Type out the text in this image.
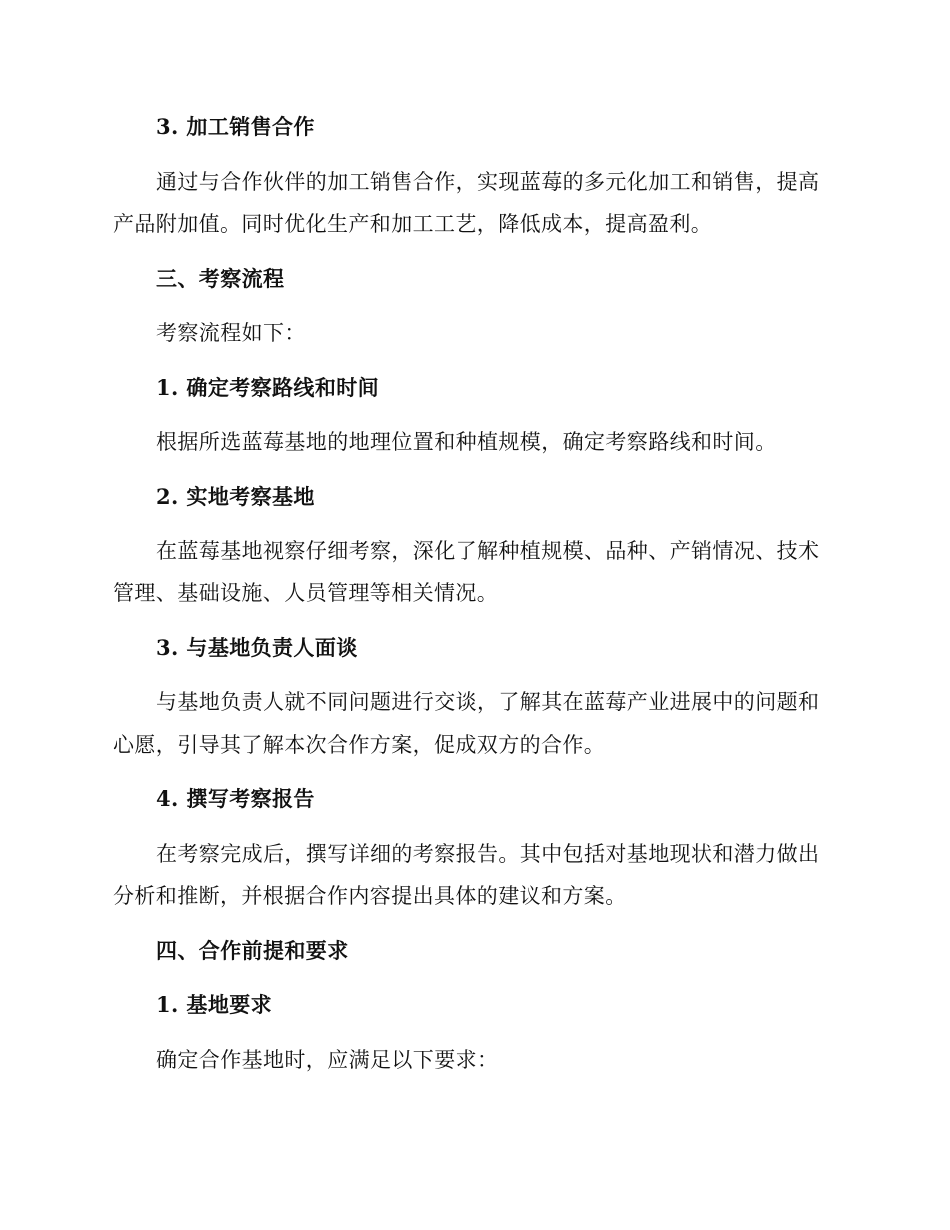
3. 加工销售合作
通过与合作伙伴的加工销售合作，实现蓝莓的多元化加工和销售，提高
产品附加值。同时优化生产和加工工艺，降低成本，提高盈利。
三、考察流程
考察流程如下：
1. 确定考察路线和时间
根据所选蓝莓基地的地理位置和种植规模，确定考察路线和时间。
2. 实地考察基地
在蓝莓基地视察仔细考察，深化了解种植规模、品种、产销情况、技术
管理、基础设施、人员管理等相关情况。
3. 与基地负责人面谈
与基地负责人就不同问题进行交谈，了解其在蓝莓产业进展中的问题和
心愿，引导其了解本次合作方案，促成双方的合作。
4. 撰写考察报告
在考察完成后，撰写详细的考察报告。其中包括对基地现状和潜力做出
分析和推断，并根据合作内容提出具体的建议和方案。
四、合作前提和要求
1. 基地要求
确定合作基地时，应满足以下要求：
